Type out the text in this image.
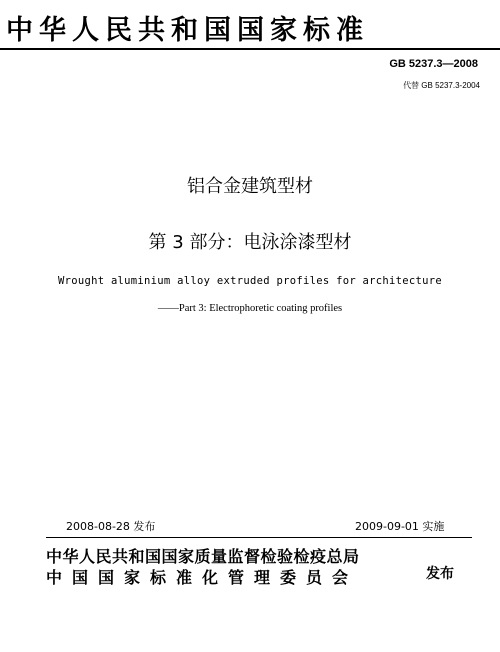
中华人民共和国国家标准
GB 5237.3—2008
代替 GB 5237.3-2004
铝合金建筑型材
第 3 部分：电泳涂漆型材
Wrought aluminium alloy extruded profiles for architecture
——Part 3: Electrophoretic coating profiles
2008-08-28 发布	2009-09-01 实施
中华人民共和国国家质量监督检验检疫总局
中国国家标准化管理委员会	发布
